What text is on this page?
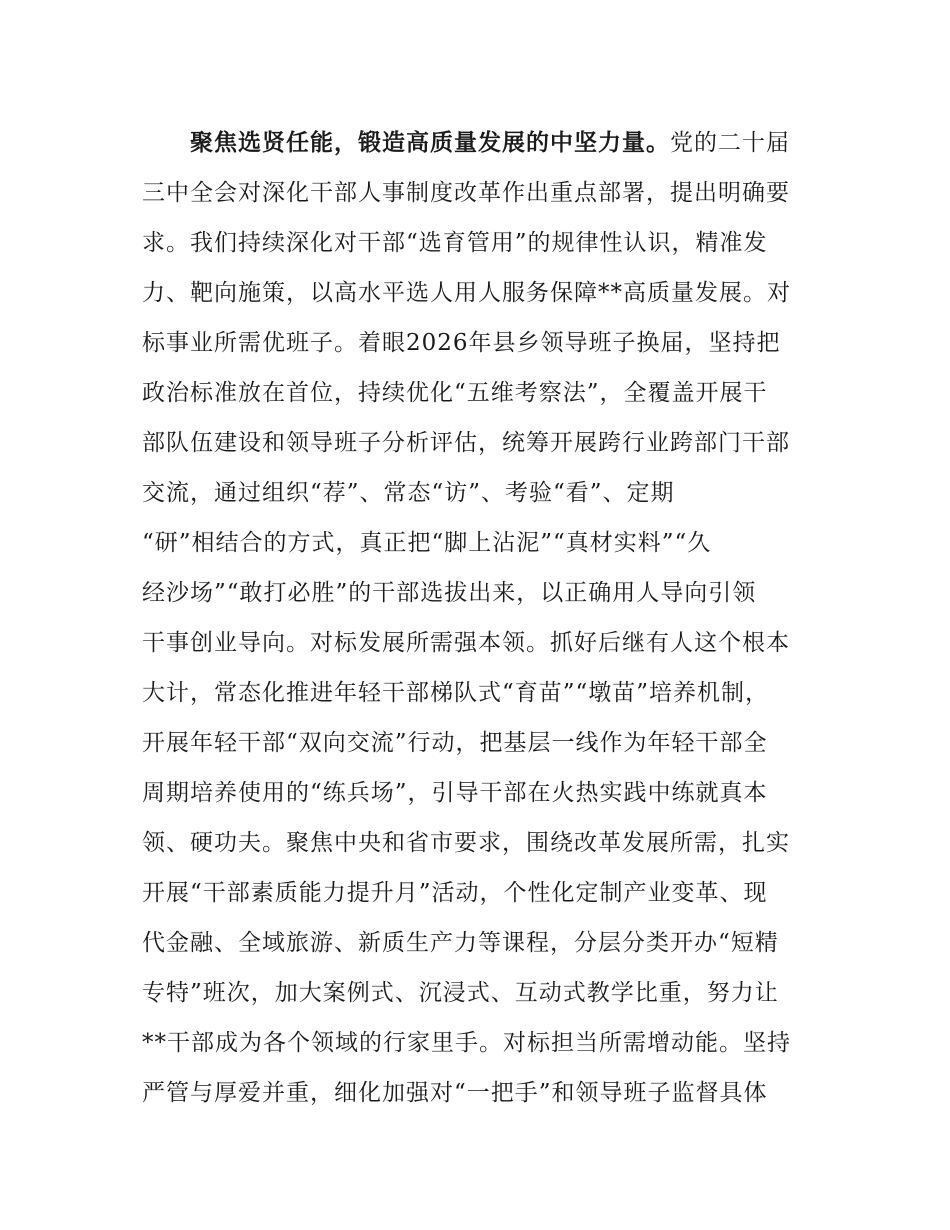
聚焦选贤任能，锻造高质量发展的中坚力量。党的二十届
三中全会对深化干部人事制度改革作出重点部署，提出明确要
求。我们持续深化对干部“选育管用”的规律性认识，精准发
力、靶向施策，以高水平选人用人服务保障**高质量发展。对
标事业所需优班子。着眼2026年县乡领导班子换届，坚持把
政治标准放在首位，持续优化“五维考察法”，全覆盖开展干
部队伍建设和领导班子分析评估，统筹开展跨行业跨部门干部
交流，通过组织“荐”、常态“访”、考验“看”、定期
“研”相结合的方式，真正把“脚上沾泥”“真材实料”“久
经沙场”“敢打必胜”的干部选拔出来，以正确用人导向引领
干事创业导向。对标发展所需强本领。抓好后继有人这个根本
大计，常态化推进年轻干部梯队式“育苗”“墩苗”培养机制，
开展年轻干部“双向交流”行动，把基层一线作为年轻干部全
周期培养使用的“练兵场”，引导干部在火热实践中练就真本
领、硬功夫。聚焦中央和省市要求，围绕改革发展所需，扎实
开展“干部素质能力提升月”活动，个性化定制产业变革、现
代金融、全域旅游、新质生产力等课程，分层分类开办“短精
专特”班次，加大案例式、沉浸式、互动式教学比重，努力让
**干部成为各个领域的行家里手。对标担当所需增动能。坚持
严管与厚爱并重，细化加强对“一把手”和领导班子监督具体
